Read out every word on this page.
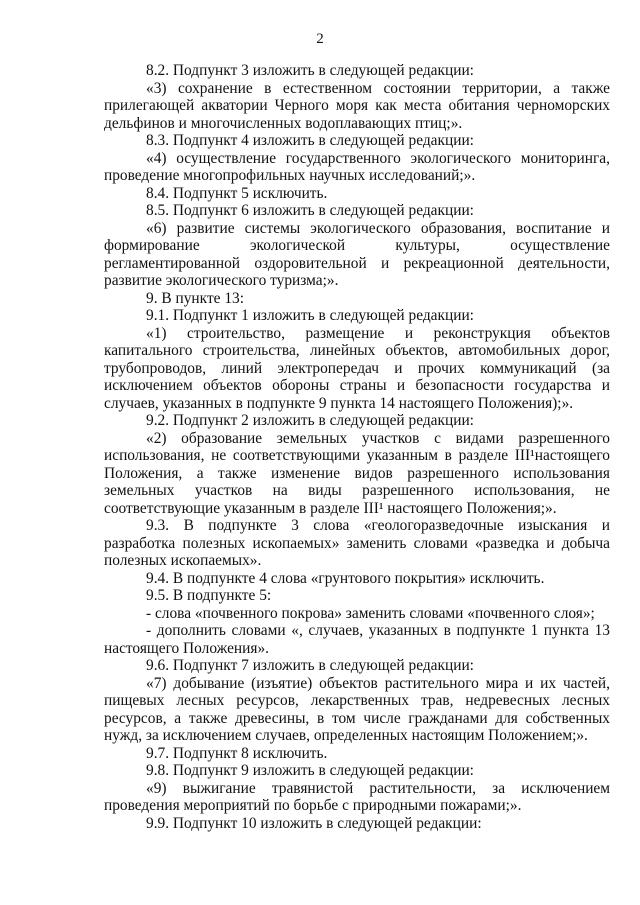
2

8.2. Подпункт 3 изложить в следующей редакции:

«3) сохранение в естественном состоянии территории, а также прилегающей акватории Черного моря как места обитания черноморских дельфинов и многочисленных водоплавающих птиц;».

8.3. Подпункт 4 изложить в следующей редакции:

«4) осуществление государственного экологического мониторинга, проведение многопрофильных научных исследований;».

8.4. Подпункт 5 исключить.

8.5. Подпункт 6 изложить в следующей редакции:

«6) развитие системы экологического образования, воспитание и формирование экологической культуры, осуществление регламентированной оздоровительной и рекреационной деятельности, развитие экологического туризма;».

9. В пункте 13:

9.1. Подпункт 1 изложить в следующей редакции:

«1) строительство, размещение и реконструкция объектов капитального строительства, линейных объектов, автомобильных дорог, трубопроводов, линий электропередач и прочих коммуникаций (за исключением объектов обороны страны и безопасности государства и случаев, указанных в подпункте 9 пункта 14 настоящего Положения);».

9.2. Подпункт 2 изложить в следующей редакции:

«2) образование земельных участков с видами разрешенного использования, не соответствующими указанным в разделе III¹настоящего Положения, а также изменение видов разрешенного использования земельных участков на виды разрешенного использования, не соответствующие указанным в разделе III¹ настоящего Положения;».

9.3. В подпункте 3 слова «геологоразведочные изыскания и разработка полезных ископаемых» заменить словами «разведка и добыча полезных ископаемых».

9.4. В подпункте 4 слова «грунтового покрытия» исключить.

9.5. В подпункте 5:

- слова «почвенного покрова» заменить словами «почвенного слоя»;

- дополнить словами «, случаев, указанных в подпункте 1 пункта 13 настоящего Положения».

9.6. Подпункт 7 изложить в следующей редакции:

«7) добывание (изъятие) объектов растительного мира и их частей, пищевых лесных ресурсов, лекарственных трав, недревесных лесных ресурсов, а также древесины, в том числе гражданами для собственных нужд, за исключением случаев, определенных настоящим Положением;».

9.7. Подпункт 8 исключить.

9.8. Подпункт 9 изложить в следующей редакции:

«9) выжигание травянистой растительности, за исключением проведения мероприятий по борьбе с природными пожарами;».

9.9. Подпункт 10 изложить в следующей редакции:
